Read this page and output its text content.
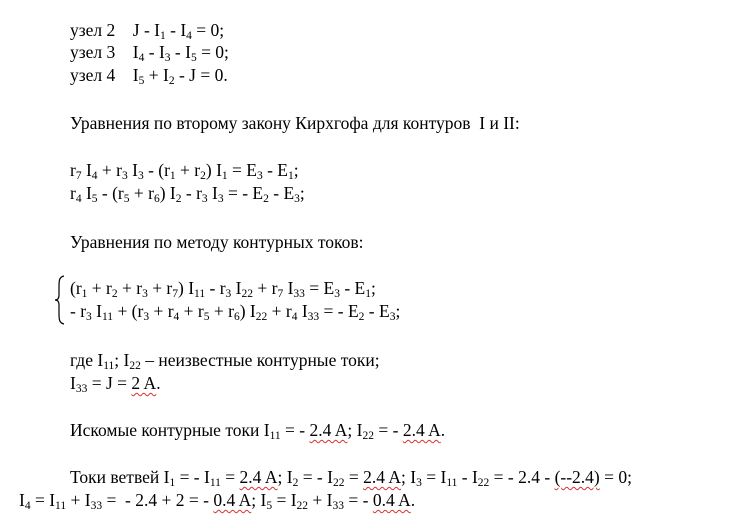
узел 2    $J - I_1 - I_4 = 0$;
узел 3    $I_4 - I_3 - I_5 = 0$;
узел 4    $I_5 + I_2 - J = 0$.
Уравнения по второму закону Кирхгофа для контуров  I и II:
$r_7$ $I_4 + r_3$ $I_3 - (r_1 + r_2) I_1 = E_3 - E_1$;
$r_4$ $I_5 - (r_5 + r_6)$ $I_2 - r_3$ $I_3$ = - $E_2 - E_3$;
Уравнения по методу контурных токов:
$(r_1 + r_2 + r_3 + r_7)$ $I_{11} - r_3$ $I_{22} + r_7$ $I_{33} = E_3 - E_1$;
- $r_3$ $I_{11} + (r_3 + r_4 + r_5 + r_6) I_{22} + r_4$ $I_{33}$ = - $E_2 - E_3$;
где $I_{11}$; $I_{22}$ – неизвестные контурные токи;
$I_{33} = J = 2$ A.
Искомые контурные токи $I_{11}$ = - 2.4 A; $I_{22}$ = - 2.4 A.
Токи ветвей $I_1$ = - $I_{11} = 2.4$ A; $I_2$ = - $I_{22} = 2.4$ A; $I_3 = I_{11} - I_{22}$ = - 2.4 - (--2.4) = 0;
$I_4 = I_{11} + I_{33}$ =  - 2.4 + 2 = - 0.4 A; $I_5 = I_{22} + I_{33}$ = - 0.4 A.
